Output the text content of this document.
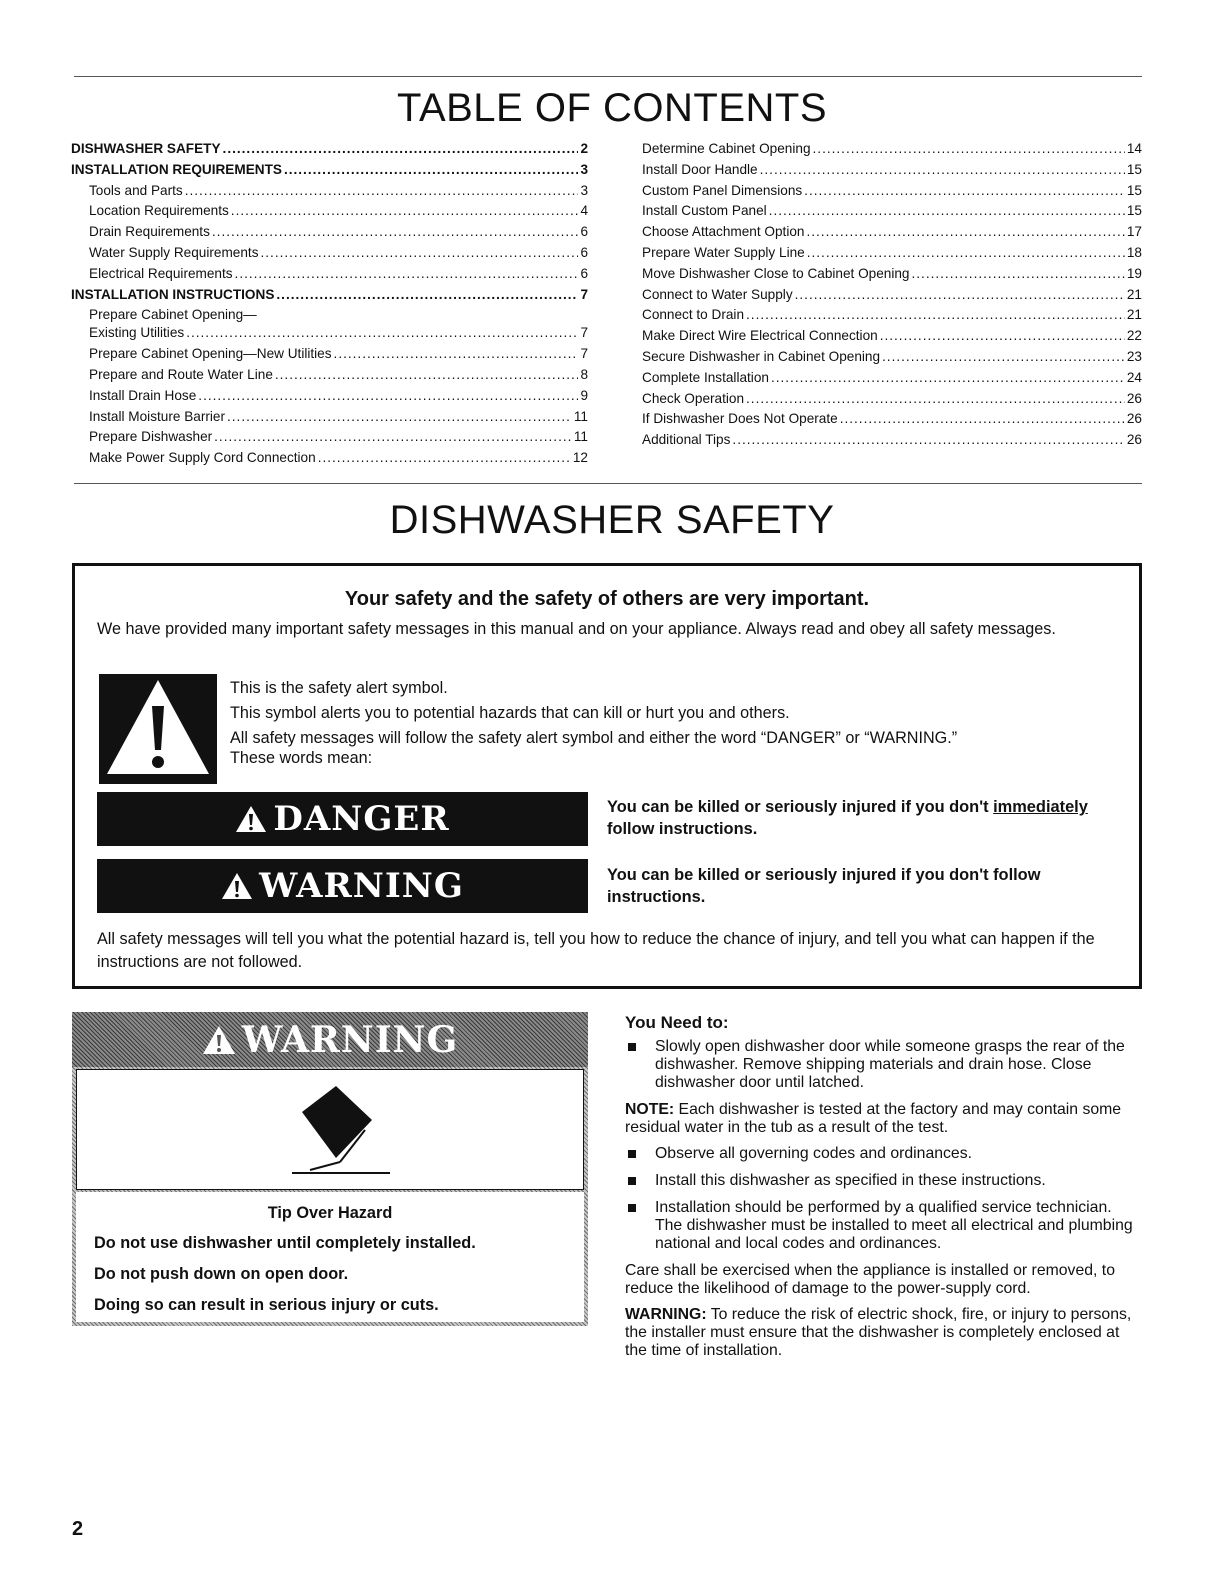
TABLE OF CONTENTS
DISHWASHER SAFETY .....	2
INSTALLATION REQUIREMENTS .....	3
Tools and Parts .....	3
Location Requirements .....	4
Drain Requirements .....	6
Water Supply Requirements .....	6
Electrical Requirements .....	6
INSTALLATION INSTRUCTIONS .....	7
Prepare Cabinet Opening—
Existing Utilities .....	7
Prepare Cabinet Opening—New Utilities .....	7
Prepare and Route Water Line .....	8
Install Drain Hose .....	9
Install Moisture Barrier .....	11
Prepare Dishwasher .....	11
Make Power Supply Cord Connection .....	12
Determine Cabinet Opening .....	14
Install Door Handle .....	15
Custom Panel Dimensions .....	15
Install Custom Panel .....	15
Choose Attachment Option .....	17
Prepare Water Supply Line .....	18
Move Dishwasher Close to Cabinet Opening .....	19
Connect to Water Supply .....	21
Connect to Drain .....	21
Make Direct Wire Electrical Connection .....	22
Secure Dishwasher in Cabinet Opening .....	23
Complete Installation .....	24
Check Operation .....	26
If Dishwasher Does Not Operate .....	26
Additional Tips .....	26
DISHWASHER SAFETY
Your safety and the safety of others are very important.
We have provided many important safety messages in this manual and on your appliance. Always read and obey all safety messages.
This is the safety alert symbol.
This symbol alerts you to potential hazards that can kill or hurt you and others.
All safety messages will follow the safety alert symbol and either the word “DANGER” or “WARNING.”
These words mean:
DANGER	You can be killed or seriously injured if you don't immediately
follow instructions.
WARNING	You can be killed or seriously injured if you don't follow instructions.
All safety messages will tell you what the potential hazard is, tell you how to reduce the chance of injury, and tell you what can happen if the instructions are not followed.
WARNING
Tip Over Hazard
Do not use dishwasher until completely installed.
Do not push down on open door.
Doing so can result in serious injury or cuts.
You Need to:
Slowly open dishwasher door while someone grasps the rear of the dishwasher. Remove shipping materials and drain hose. Close dishwasher door until latched.

NOTE: Each dishwasher is tested at the factory and may contain some residual water in the tub as a result of the test.

Observe all governing codes and ordinances.
Install this dishwasher as specified in these instructions.
Installation should be performed by a qualified service technician. The dishwasher must be installed to meet all electrical and plumbing national and local codes and ordinances.

Care shall be exercised when the appliance is installed or removed, to reduce the likelihood of damage to the power-supply cord.

WARNING: To reduce the risk of electric shock, fire, or injury to persons, the installer must ensure that the dishwasher is completely enclosed at the time of installation.

2
